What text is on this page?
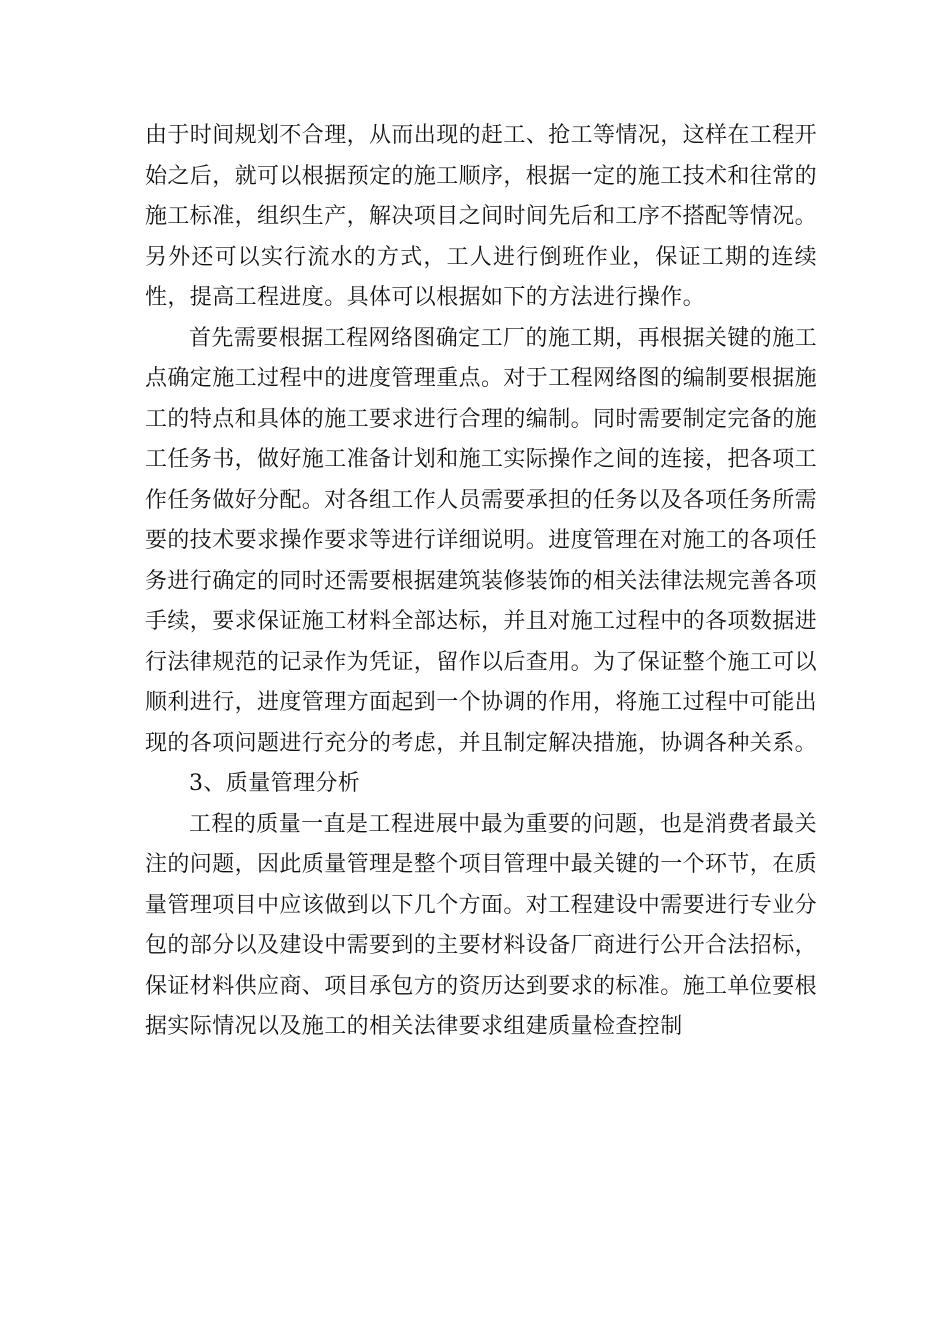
由于时间规划不合理，从而出现的赶工、抢工等情况，这样在工程开始之后，就可以根据预定的施工顺序，根据一定的施工技术和往常的施工标准，组织生产，解决项目之间时间先后和工序不搭配等情况。另外还可以实行流水的方式，工人进行倒班作业，保证工期的连续性，提高工程进度。具体可以根据如下的方法进行操作。

首先需要根据工程网络图确定工厂的施工期，再根据关键的施工点确定施工过程中的进度管理重点。对于工程网络图的编制要根据施工的特点和具体的施工要求进行合理的编制。同时需要制定完备的施工任务书，做好施工准备计划和施工实际操作之间的连接，把各项工作任务做好分配。对各组工作人员需要承担的任务以及各项任务所需要的技术要求操作要求等进行详细说明。进度管理在对施工的各项任务进行确定的同时还需要根据建筑装修装饰的相关法律法规完善各项手续，要求保证施工材料全部达标，并且对施工过程中的各项数据进行法律规范的记录作为凭证，留作以后查用。为了保证整个施工可以顺利进行，进度管理方面起到一个协调的作用，将施工过程中可能出现的各项问题进行充分的考虑，并且制定解决措施，协调各种关系。

3、质量管理分析

工程的质量一直是工程进展中最为重要的问题，也是消费者最关注的问题，因此质量管理是整个项目管理中最关键的一个环节，在质量管理项目中应该做到以下几个方面。对工程建设中需要进行专业分包的部分以及建设中需要到的主要材料设备厂商进行公开合法招标，保证材料供应商、项目承包方的资历达到要求的标准。施工单位要根据实际情况以及施工的相关法律要求组建质量检查控制
